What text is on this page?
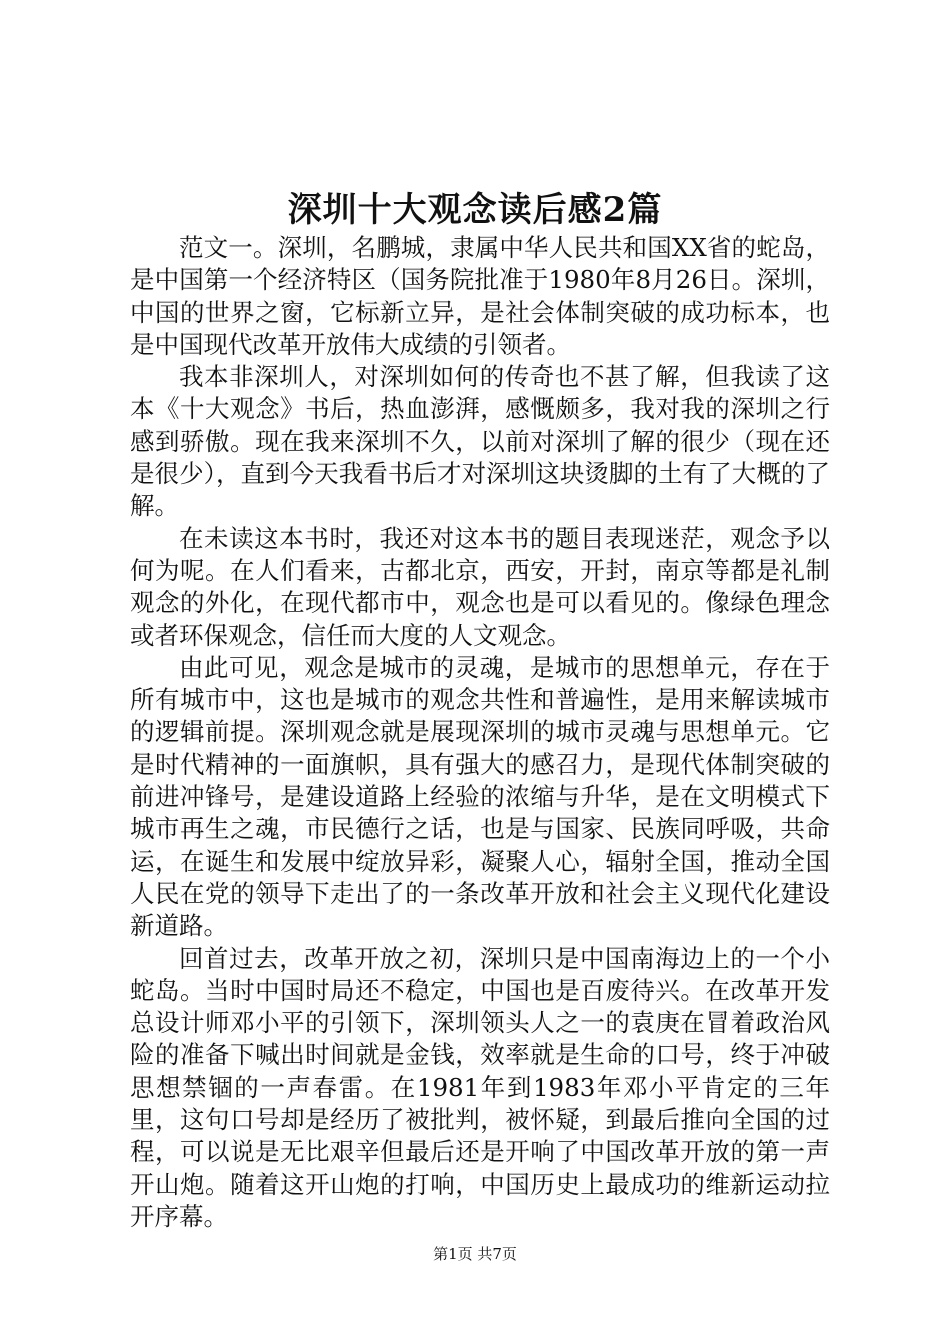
深圳十大观念读后感2篇

范文一。深圳，名鹏城，隶属中华人民共和国XX省的蛇岛，是中国第一个经济特区（国务院批准于1980年8月26日。深圳，中国的世界之窗，它标新立异，是社会体制突破的成功标本，也是中国现代改革开放伟大成绩的引领者。

我本非深圳人，对深圳如何的传奇也不甚了解，但我读了这本《十大观念》书后，热血澎湃，感慨颇多，我对我的深圳之行感到骄傲。现在我来深圳不久，以前对深圳了解的很少（现在还是很少），直到今天我看书后才对深圳这块烫脚的土有了大概的了解。

在未读这本书时，我还对这本书的题目表现迷茫，观念予以何为呢。在人们看来，古都北京，西安，开封，南京等都是礼制观念的外化，在现代都市中，观念也是可以看见的。像绿色理念或者环保观念，信任而大度的人文观念。

由此可见，观念是城市的灵魂，是城市的思想单元，存在于所有城市中，这也是城市的观念共性和普遍性，是用来解读城市的逻辑前提。深圳观念就是展现深圳的城市灵魂与思想单元。它是时代精神的一面旗帜，具有强大的感召力，是现代体制突破的前进冲锋号，是建设道路上经验的浓缩与升华，是在文明模式下城市再生之魂，市民德行之话，也是与国家、民族同呼吸，共命运，在诞生和发展中绽放异彩，凝聚人心，辐射全国，推动全国人民在党的领导下走出了的一条改革开放和社会主义现代化建设新道路。

回首过去，改革开放之初，深圳只是中国南海边上的一个小蛇岛。当时中国时局还不稳定，中国也是百废待兴。在改革开发总设计师邓小平的引领下，深圳领头人之一的袁庚在冒着政治风险的准备下喊出时间就是金钱，效率就是生命的口号，终于冲破思想禁锢的一声春雷。在1981年到1983年邓小平肯定的三年里，这句口号却是经历了被批判，被怀疑，到最后推向全国的过程，可以说是无比艰辛但最后还是开响了中国改革开放的第一声开山炮。随着这开山炮的打响，中国历史上最成功的维新运动拉开序幕。

第1页 共7页
